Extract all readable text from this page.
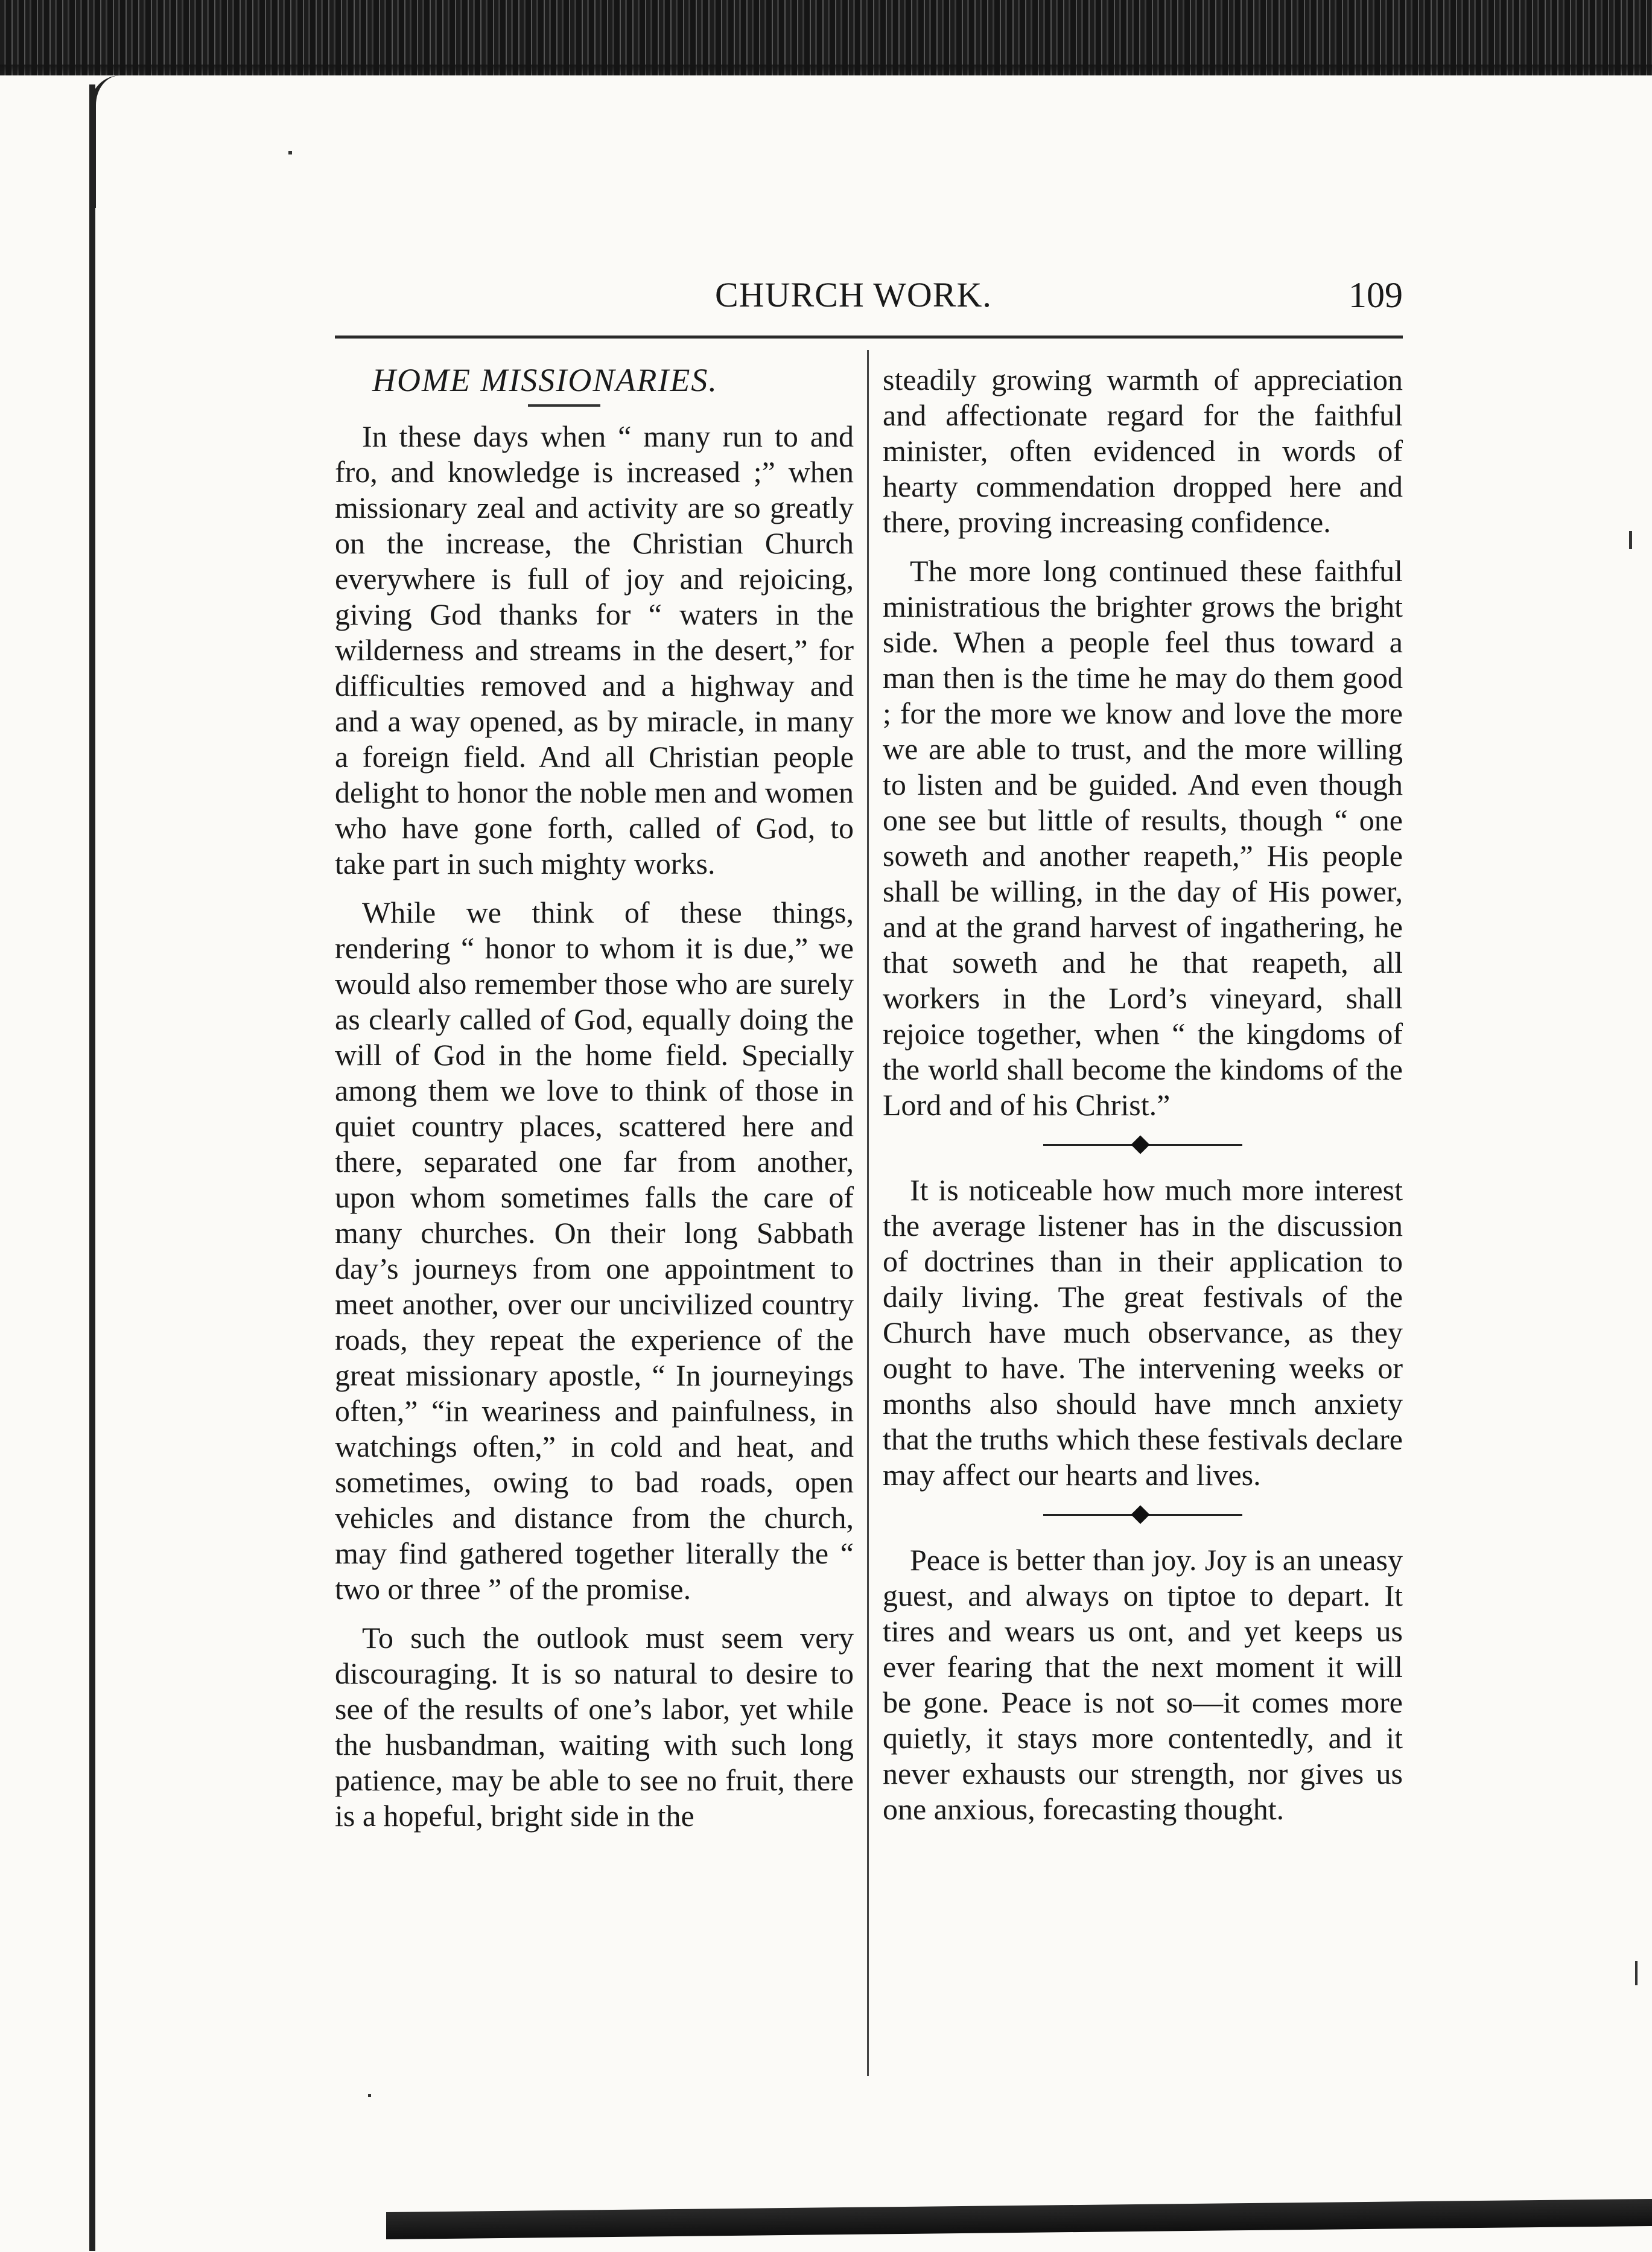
CHURCH WORK.	109
HOME MISSIONARIES.

In these days when “ many run to and fro, and knowledge is increased ;” when missionary zeal and activity are so greatly on the increase, the Christian Church everywhere is full of joy and rejoicing, giving God thanks for “ waters in the wilderness and streams in the desert,” for difficulties removed and a highway and and a way opened, as by miracle, in many a foreign field. And all Christian people delight to honor the noble men and women who have gone forth, called of God, to take part in such mighty works.

While we think of these things, rendering “ honor to whom it is due,” we would also remember those who are surely as clearly called of God, equally doing the will of God in the home field. Specially among them we love to think of those in quiet country places, scattered here and there, separated one far from another, upon whom sometimes falls the care of many churches. On their long Sabbath day’s journeys from one appointment to meet another, over our uncivilized country roads, they repeat the experience of the great missionary apostle, “ In journeyings often,” “in weariness and painfulness, in watchings often,” in cold and heat, and sometimes, owing to bad roads, open vehicles and distance from the church, may find gathered together literally the “ two or three ” of the promise.

To such the outlook must seem very discouraging. It is so natural to desire to see of the results of one’s labor, yet while the husbandman, waiting with such long patience, may be able to see no fruit, there is a hopeful, bright side in the

steadily growing warmth of appreciation and affectionate regard for the faithful minister, often evidenced in words of hearty commendation dropped here and there, proving increasing confidence.

The more long continued these faithful ministratious the brighter grows the bright side. When a people feel thus toward a man then is the time he may do them good ; for the more we know and love the more we are able to trust, and the more willing to listen and be guided. And even though one see but little of results, though “ one soweth and another reapeth,” His people shall be willing, in the day of His power, and at the grand harvest of ingathering, he that soweth and he that reapeth, all workers in the Lord’s vineyard, shall rejoice together, when “ the kingdoms of the world shall become the kindoms of the Lord and of his Christ.”

It is noticeable how much more interest the average listener has in the discussion of doctrines than in their application to daily living. The great festivals of the Church have much observance, as they ought to have. The intervening weeks or months also should have mnch anxiety that the truths which these festivals declare may affect our hearts and lives.

Peace is better than joy. Joy is an uneasy guest, and always on tiptoe to depart. It tires and wears us ont, and yet keeps us ever fearing that the next moment it will be gone. Peace is not so—it comes more quietly, it stays more contentedly, and it never exhausts our strength, nor gives us one anxious, forecasting thought.
